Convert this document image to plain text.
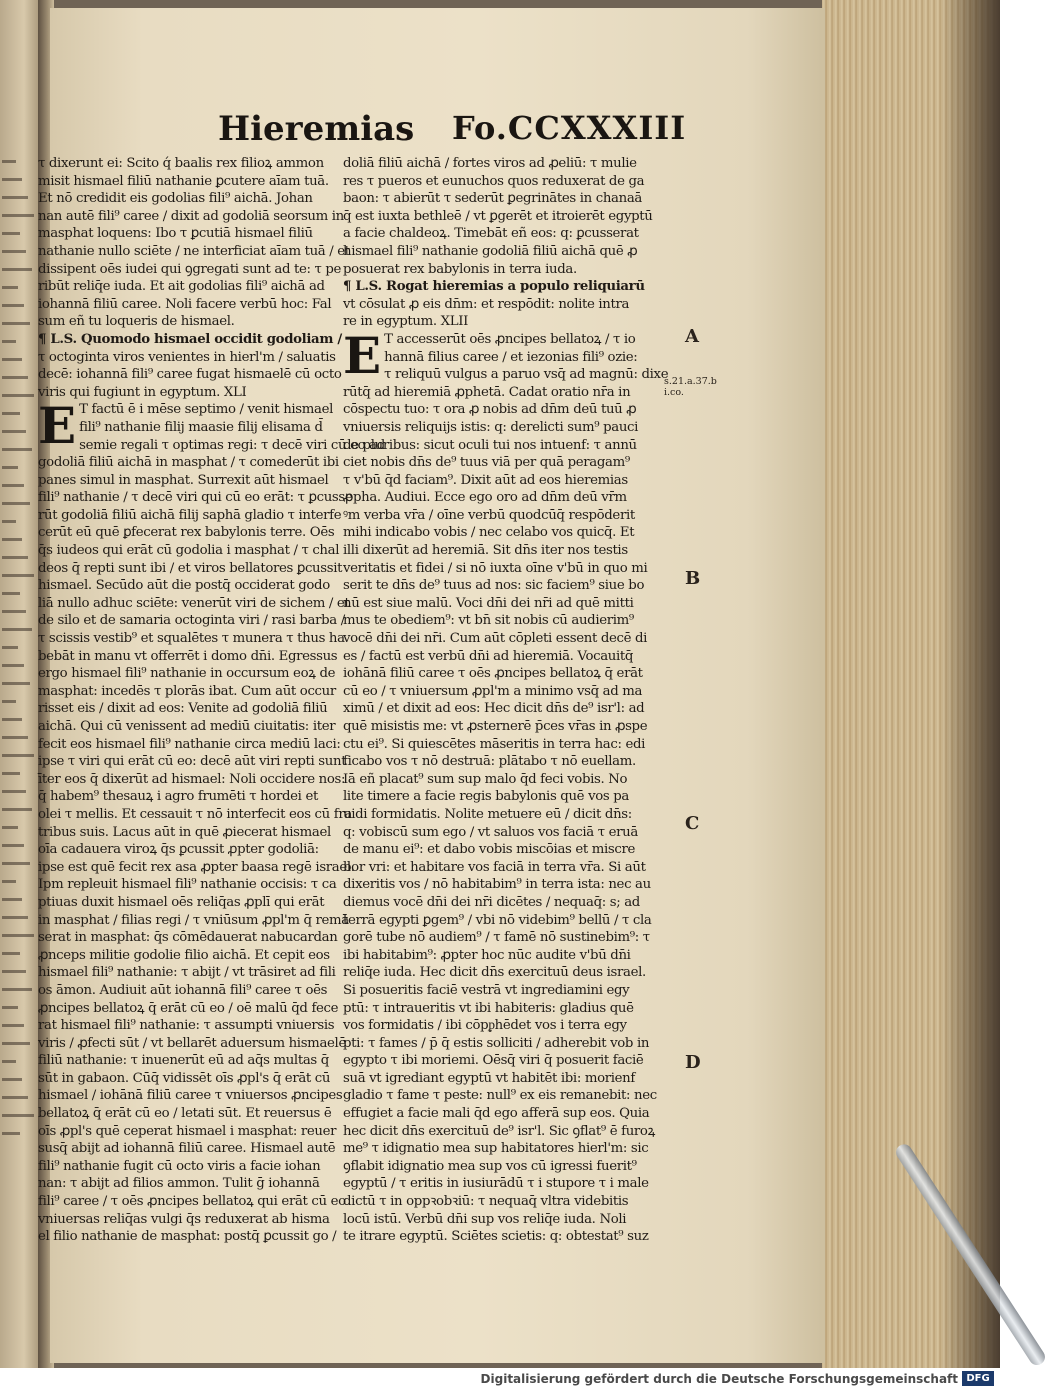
Hieremias Fo.CCXXXIII
τ dixerunt ei: Scito q́ baalis rex filioꝝ ammon
misit hismael filiū nathanie ꝑcutere aīam tuā.
Et nō credidit eis godolias fili⁹ aichā. Johan
nan autē fili⁹ caree / dixit ad godoliā seorsum in
masphat loquens: Ibo τ ꝑcutiā hismael filiū
nathanie nullo sciēte / ne interficiat aīam tuā / et
dissipent oēs iudei qui ꝯgregati sunt ad te: τ pe
ribūt reliq̄e iuda. Et ait godolias fili⁹ aichā ad
iohannā filiū caree. Noli facere verbū hoc: Fal
sum eñ tu loqueris de hismael.
¶ L.S. Quomodo hismael occidit godoliam /
τ octoginta viros venientes in hierl'm / saluatis
decē: iohannā fili⁹ caree fugat hismaelē cū octo
viris qui fugiunt in egyptum. XLI
E T factū ē i mēse septimo / venit hismael
fili⁹ nathanie filij maasie filij elisama d̄
semie regali τ optimas regi: τ decē viri cū eo ad
godoliā filiū aichā in masphat / τ comederūt ibi
panes simul in masphat. Surrexit aūt hismael
fili⁹ nathanie / τ decē viri qui cū eo erāt: τ ꝑcusse
rūt godoliā filiū aichā filij saphā gladio τ interfe
cerūt eū quē ꝑfecerat rex babylonis terre. Oēs
q̄s iudeos qui erāt cū godolia i masphat / τ chal
deos q̄ repti sunt ibi / et viros bellatores ꝑcussit
hismael. Secūdo aūt die postq̄ occiderat godo
liā nullo adhuc sciēte: venerūt viri de sichem / et
de silo et de samaria octoginta viri / rasi barba /
τ scissis vestib⁹ et squalētes τ munera τ thus ha
bebāt in manu vt offerrēt i domo dn̄i. Egressus
ergo hismael fili⁹ nathanie in occursum eoꝝ de
masphat: incedēs τ plorās ibat. Cum aūt occur
risset eis / dixit ad eos: Venite ad godoliā filiū
aichā. Qui cū venissent ad mediū ciuitatis: iter
fecit eos hismael fili⁹ nathanie circa mediū laci:
ipse τ viri qui erāt cū eo: decē aūt viri repti sunt
īter eos q̄ dixerūt ad hismael: Noli occidere nos:
q̄ habem⁹ thesauꝝ i agro frumēti τ hordei et
olei τ mellis. Et cessauit τ nō interfecit eos cū fra
tribus suis. Lacus aūt in quē ꝓiecerat hismael
oīa cadauera viroꝝ q̄s ꝑcussit ꝓpter godoliā:
ipse est quē fecit rex asa ꝓpter baasa regē israel.
Ipm repleuit hismael fili⁹ nathanie occisis: τ ca
ptiuas duxit hismael oēs reliq̄as ꝓplī qui erāt
in masphat / filias regi / τ vniūsum ꝓpl'm q̄ remā
serat in masphat: q̄s cōmēdauerat nabucardan
ꝓnceps militie godolie filio aichā. Et cepit eos
hismael fili⁹ nathanie: τ abijt / vt trāsiret ad fili
os āmon. Audiuit aūt iohannā fili⁹ caree τ oēs
ꝓncipes bellatoꝝ q̄ erāt cū eo / oē malū q̄d fece
rat hismael fili⁹ nathanie: τ assumpti vniuersis
viris / ꝓfecti sūt / vt bellarēt aduersum hismaelē
filiū nathanie: τ inuenerūt eū ad aq̄s multas q̄
sūt in gabaon. Cūq̄ vidissēt oīs ꝓpl's q̄ erāt cū
hismael / iohānā filiū caree τ vniuersos ꝓncipes
bellatoꝝ q̄ erāt cū eo / letati sūt. Et reuersus ē
oīs ꝓpl's quē ceperat hismael i masphat: reuer
susq̄ abijt ad iohannā filiū caree. Hismael autē
fili⁹ nathanie fugit cū octo viris a facie iohan
nan: τ abijt ad filios ammon. Tulit ḡ iohannā
fili⁹ caree / τ oēs ꝓncipes bellatoꝝ qui erāt cū eo
vniuersas reliq̄as vulgi q̄s reduxerat ab hisma
el filio nathanie de masphat: postq̄ ꝑcussit go /
doliā filiū aichā / fortes viros ad ꝓeliū: τ mulie
res τ pueros et eunuchos quos reduxerat de ga
baon: τ abierūt τ sederūt ꝑegrinātes in chanaā
q̄ est iuxta bethleē / vt ꝑgerēt et itroierēt egyptū
a facie chaldeoꝝ. Timebāt eñ eos: q: ꝑcusserat
hismael fili⁹ nathanie godoliā filiū aichā quē ꝓ
posuerat rex babylonis in terra iuda.
¶ L.S. Rogat hieremias a populo reliquiarū
vt cōsulat ꝓ eis dn̄m: et respōdit: nolite intra
re in egyptum. XLII
E T accesserūt oēs ꝓncipes bellatoꝝ / τ io
hannā filius caree / et iezonias fili⁹ ozie:
τ reliquū vulgus a paruo vsq̄ ad magnū: dixe
rūtq̄ ad hieremiā ꝓphetā. Cadat oratio nr̄a in
cōspectu tuo: τ ora ꝓ nobis ad dn̄m deū tuū ꝓ
vniuersis reliquijs istis: q: derelicti sum⁹ pauci
de pluribus: sicut oculi tui nos intuenf: τ annū
ciet nobis dn̄s de⁹ tuus viā per quā peragam⁹
τ v'bū q̄d faciam⁹. Dixit aūt ad eos hieremias
ꝓpha. Audiui. Ecce ego oro ad dn̄m deū vr̄m
ꝰm verba vr̄a / oīne verbū quodcūq̄ respōderit
mihi indicabo vobis / nec celabo vos quicq̄. Et
illi dixerūt ad heremiā. Sit dn̄s iter nos testis
veritatis et fidei / si nō iuxta oīne v'bū in quo mi
serit te dn̄s de⁹ tuus ad nos: sic faciem⁹ siue bo
nū est siue malū. Voci dn̄i dei nr̄i ad quē mitti
mus te obediem⁹: vt bn̄ sit nobis cū audierim⁹
vocē dn̄i dei nr̄i. Cum aūt cōpleti essent decē di
es / factū est verbū dn̄i ad hieremiā. Vocauitq̄
iohānā filiū caree τ oēs ꝓncipes bellatoꝝ q̄ erāt
cū eo / τ vniuersum ꝓpl'm a minimo vsq̄ ad ma
ximū / et dixit ad eos: Hec dicit dn̄s de⁹ isr'l: ad
quē misistis me: vt ꝓsternerē p̄ces vr̄as in ꝓspe
ctu ei⁹. Si quiescētes māseritis in terra hac: edi
ficabo vos τ nō destruā: plātabo τ nō euellam.
Iā eñ placat⁹ sum sup malo q̄d feci vobis. No
lite timere a facie regis babylonis quē vos pa
uidi formidatis. Nolite metuere eū / dicit dn̄s:
q: vobiscū sum ego / vt saluos vos faciā τ eruā
de manu ei⁹: et dabo vobis miscōias et miscre
bor vri: et habitare vos faciā in terra vr̄a. Si aūt
dixeritis vos / nō habitabim⁹ in terra ista: nec au
diemus vocē dn̄i dei nr̄i dicētes / nequaq̄: s; ad
terrā egypti ꝑgem⁹ / vbi nō videbim⁹ bellū / τ cla
gorē tube nō audiem⁹ / τ famē nō sustinebim⁹: τ
ibi habitabim⁹: ꝓpter hoc nūc audite v'bū dn̄i
reliq̄e iuda. Hec dicit dn̄s exercituū deus israel.
Si posueritis faciē vestrā vt ingrediamini egy
ptū: τ intraueritis vt ibi habiteris: gladius quē
vos formidatis / ibi cōpᵱhēdet vos i terra egy
pti: τ fames / p̄ q̄ estis solliciti / adherebit vob in
egypto τ ibi moriemi. Oēsq̄ viri q̄ posuerit faciē
suā vt igrediant egyptū vt habitēt ibi: morienf
gladio τ fame τ peste: null⁹ ex eis remanebit: nec
effugiet a facie mali q̄d ego afferā sup eos. Quia
hec dicit dn̄s exercituū de⁹ isr'l. Sic ꝯflat⁹ ē furoꝝ
me⁹ τ idignatio mea sup habitatores hierl'm: sic
ꝯflabit idignatio mea sup vos cū igressi fuerit⁹
egyptū / τ eritis in iusiurādū τ i stupore τ i male
dictū τ in oppꝛobꝛiū: τ nequaq̄ vltra videbitis
locū istū. Verbū dn̄i sup vos reliq̄e iuda. Noli
te itrare egyptū. Sciētes scietis: q: obtestat⁹ suz
A
s.21.a.37.b
i.co.
B
C
D
Digitalisierung gefördert durch die Deutsche Forschungsgemeinschaft DFG
